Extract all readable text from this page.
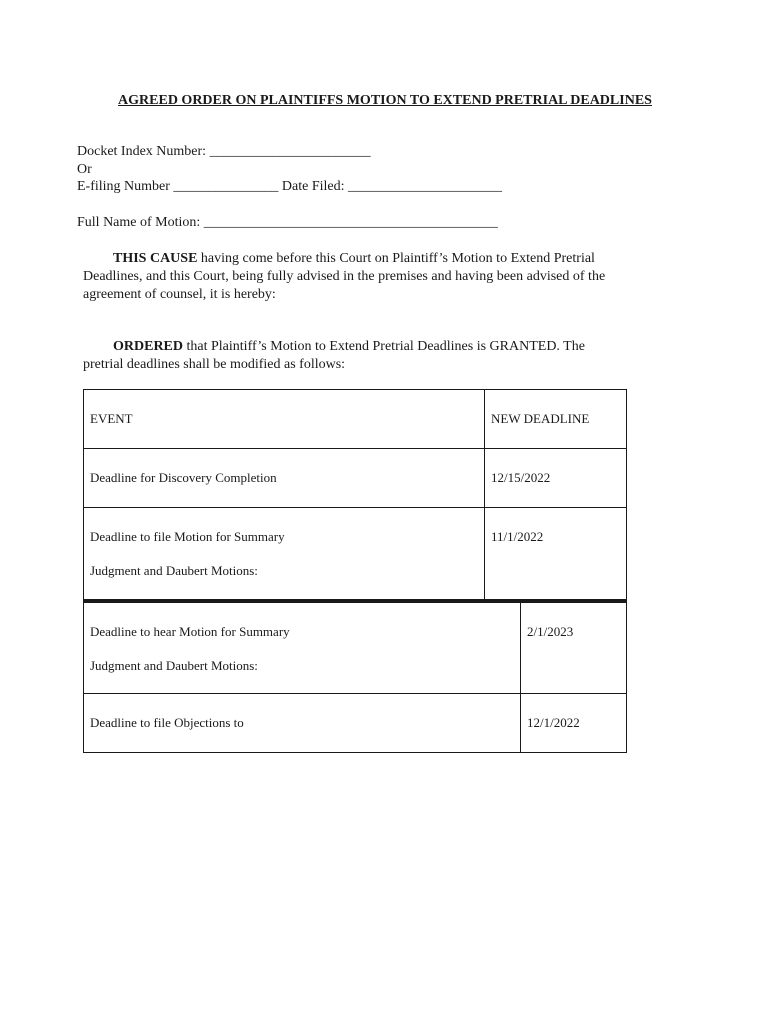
AGREED ORDER ON PLAINTIFFS MOTION TO EXTEND PRETRIAL DEADLINES
Docket Index Number: _______________________
Or
E-filing Number _______________ Date Filed: ______________________
Full Name of Motion: __________________________________________
THIS CAUSE having come before this Court on Plaintiff’s Motion to Extend Pretrial
Deadlines, and this Court, being fully advised in the premises and having been advised of the
agreement of counsel, it is hereby:
ORDERED that Plaintiff’s Motion to Extend Pretrial Deadlines is GRANTED. The
pretrial deadlines shall be modified as follows:
EVENT	NEW DEADLINE
Deadline for Discovery Completion	12/15/2022
Deadline to file Motion for Summary
Judgment and Daubert Motions:	11/1/2022
Deadline to hear Motion for Summary
Judgment and Daubert Motions:	2/1/2023
Deadline to file Objections to	12/1/2022
